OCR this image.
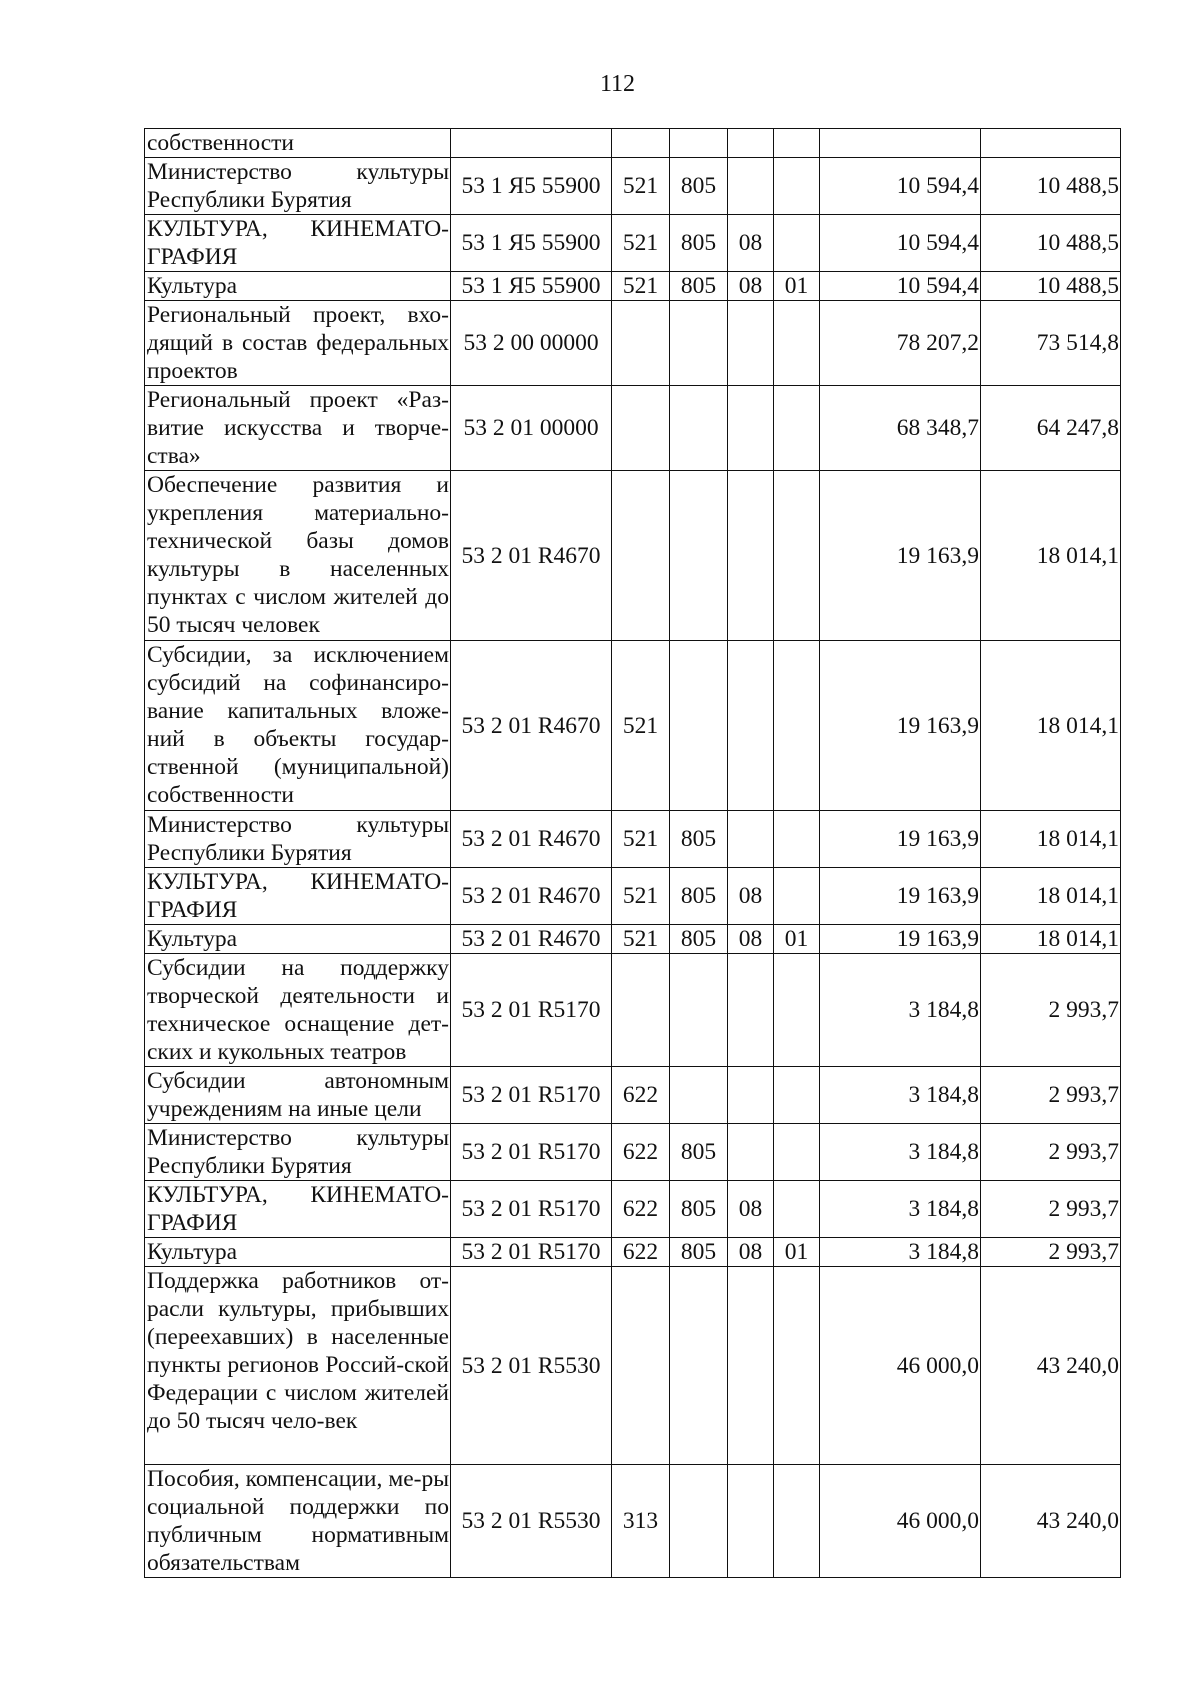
112
собственности							
Министерство культуры Республики Бурятия	53 1 Я5 55900	521	805			10 594,4	10 488,5
КУЛЬТУРА, КИНЕМАТО-ГРАФИЯ	53 1 Я5 55900	521	805	08		10 594,4	10 488,5
Культура	53 1 Я5 55900	521	805	08	01	10 594,4	10 488,5
Региональный проект, вхо-дящий в состав федеральных проектов	53 2 00 00000					78 207,2	73 514,8
Региональный проект «Раз-витие искусства и творче-ства»	53 2 01 00000					68 348,7	64 247,8
Обеспечение развития и укрепления материально-технической базы домов культуры в населенных пунктах с числом жителей до 50 тысяч человек	53 2 01 R4670					19 163,9	18 014,1
Субсидии, за исключением субсидий на софинансиро-вание капитальных вложе-ний в объекты государ-ственной (муниципальной) собственности	53 2 01 R4670	521				19 163,9	18 014,1
Министерство культуры Республики Бурятия	53 2 01 R4670	521	805			19 163,9	18 014,1
КУЛЬТУРА, КИНЕМАТО-ГРАФИЯ	53 2 01 R4670	521	805	08		19 163,9	18 014,1
Культура	53 2 01 R4670	521	805	08	01	19 163,9	18 014,1
Субсидии на поддержку творческой деятельности и техническое оснащение дет-ских и кукольных театров	53 2 01 R5170					3 184,8	2 993,7
Субсидии автономным учреждениям на иные цели	53 2 01 R5170	622				3 184,8	2 993,7
Министерство культуры Республики Бурятия	53 2 01 R5170	622	805			3 184,8	2 993,7
КУЛЬТУРА, КИНЕМАТО-ГРАФИЯ	53 2 01 R5170	622	805	08		3 184,8	2 993,7
Культура	53 2 01 R5170	622	805	08	01	3 184,8	2 993,7
Поддержка работников от-расли культуры, прибывших (переехавших) в населенные пункты регионов Россий-ской Федерации с числом жителей до 50 тысяч чело-век	53 2 01 R5530					46 000,0	43 240,0
Пособия, компенсации, ме-ры социальной поддержки по публичным нормативным обязательствам	53 2 01 R5530	313				46 000,0	43 240,0
